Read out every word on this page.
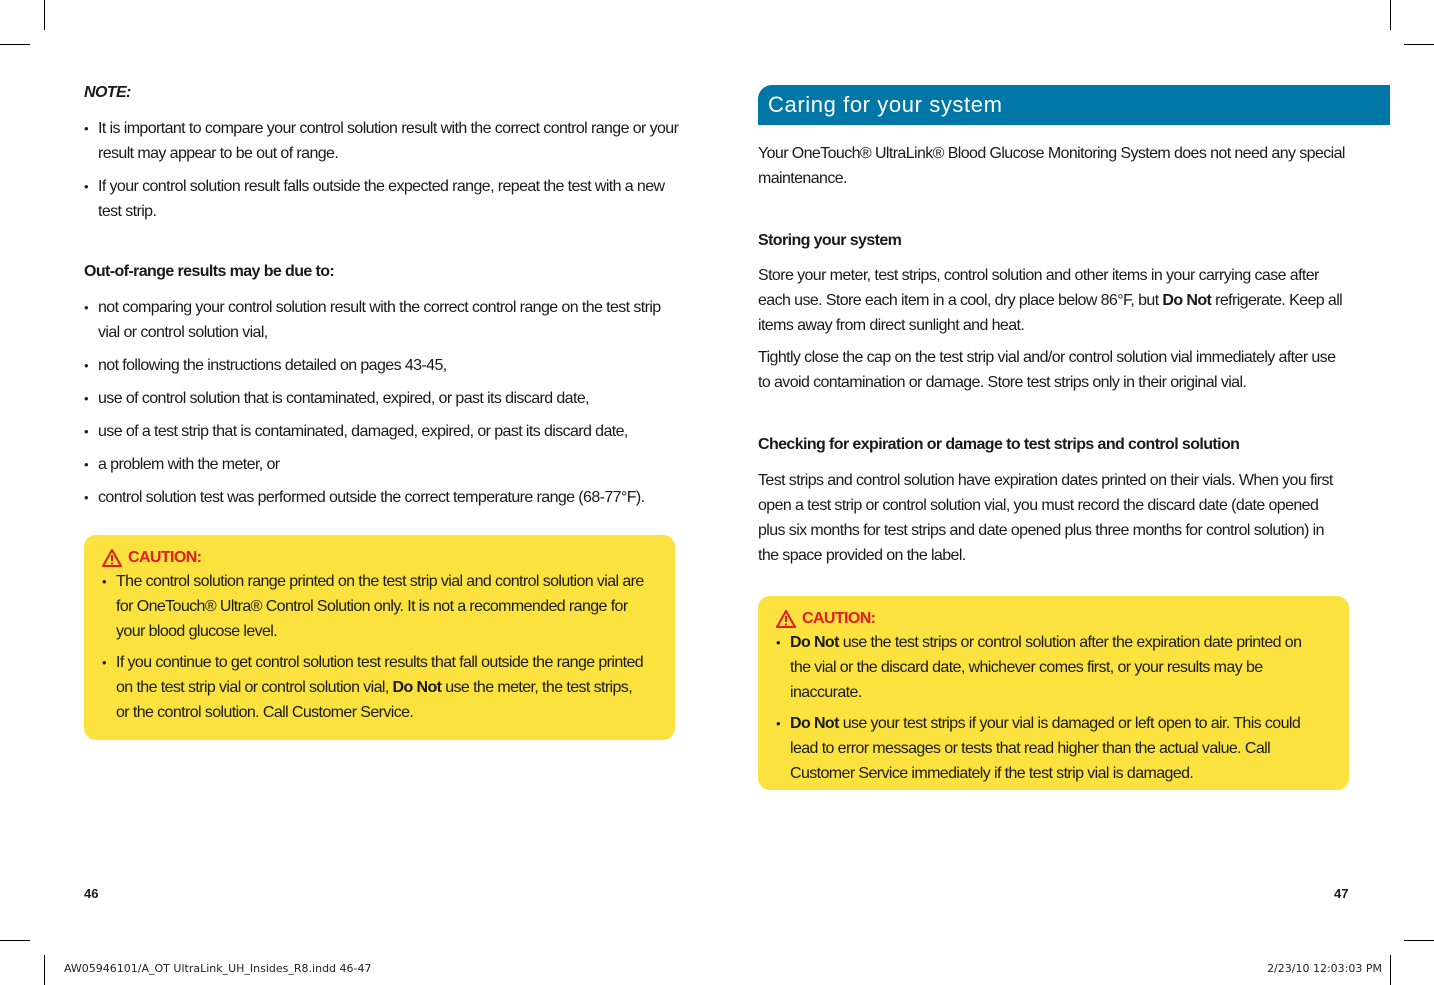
NOTE:
• It is important to compare your control solution result with the correct control range or your result may appear to be out of range.
• If your control solution result falls outside the expected range, repeat the test with a new test strip.
Out-of-range results may be due to:
• not comparing your control solution result with the correct control range on the test strip vial or control solution vial,
• not following the instructions detailed on pages 43-45,
• use of control solution that is contaminated, expired, or past its discard date,
• use of a test strip that is contaminated, damaged, expired, or past its discard date,
• a problem with the meter, or
• control solution test was performed outside the correct temperature range (68-77°F).
CAUTION:
• The control solution range printed on the test strip vial and control solution vial are for OneTouch® Ultra® Control Solution only. It is not a recommended range for your blood glucose level.
• If you continue to get control solution test results that fall outside the range printed on the test strip vial or control solution vial, Do Not use the meter, the test strips, or the control solution. Call Customer Service.
46
Caring for your system

Your OneTouch® UltraLink® Blood Glucose Monitoring System does not need any special maintenance.

Storing your system

Store your meter, test strips, control solution and other items in your carrying case after each use. Store each item in a cool, dry place below 86°F, but Do Not refrigerate. Keep all items away from direct sunlight and heat.

Tightly close the cap on the test strip vial and/or control solution vial immediately after use to avoid contamination or damage. Store test strips only in their original vial.

Checking for expiration or damage to test strips and control solution

Test strips and control solution have expiration dates printed on their vials. When you first open a test strip or control solution vial, you must record the discard date (date opened plus six months for test strips and date opened plus three months for control solution) in the space provided on the label.

CAUTION:
• Do Not use the test strips or control solution after the expiration date printed on the vial or the discard date, whichever comes first, or your results may be inaccurate.
• Do Not use your test strips if your vial is damaged or left open to air. This could lead to error messages or tests that read higher than the actual value. Call Customer Service immediately if the test strip vial is damaged.
47
AW05946101/A_OT UltraLink_UH_Insides_R8.indd 46-47	2/23/10 12:03:03 PM
